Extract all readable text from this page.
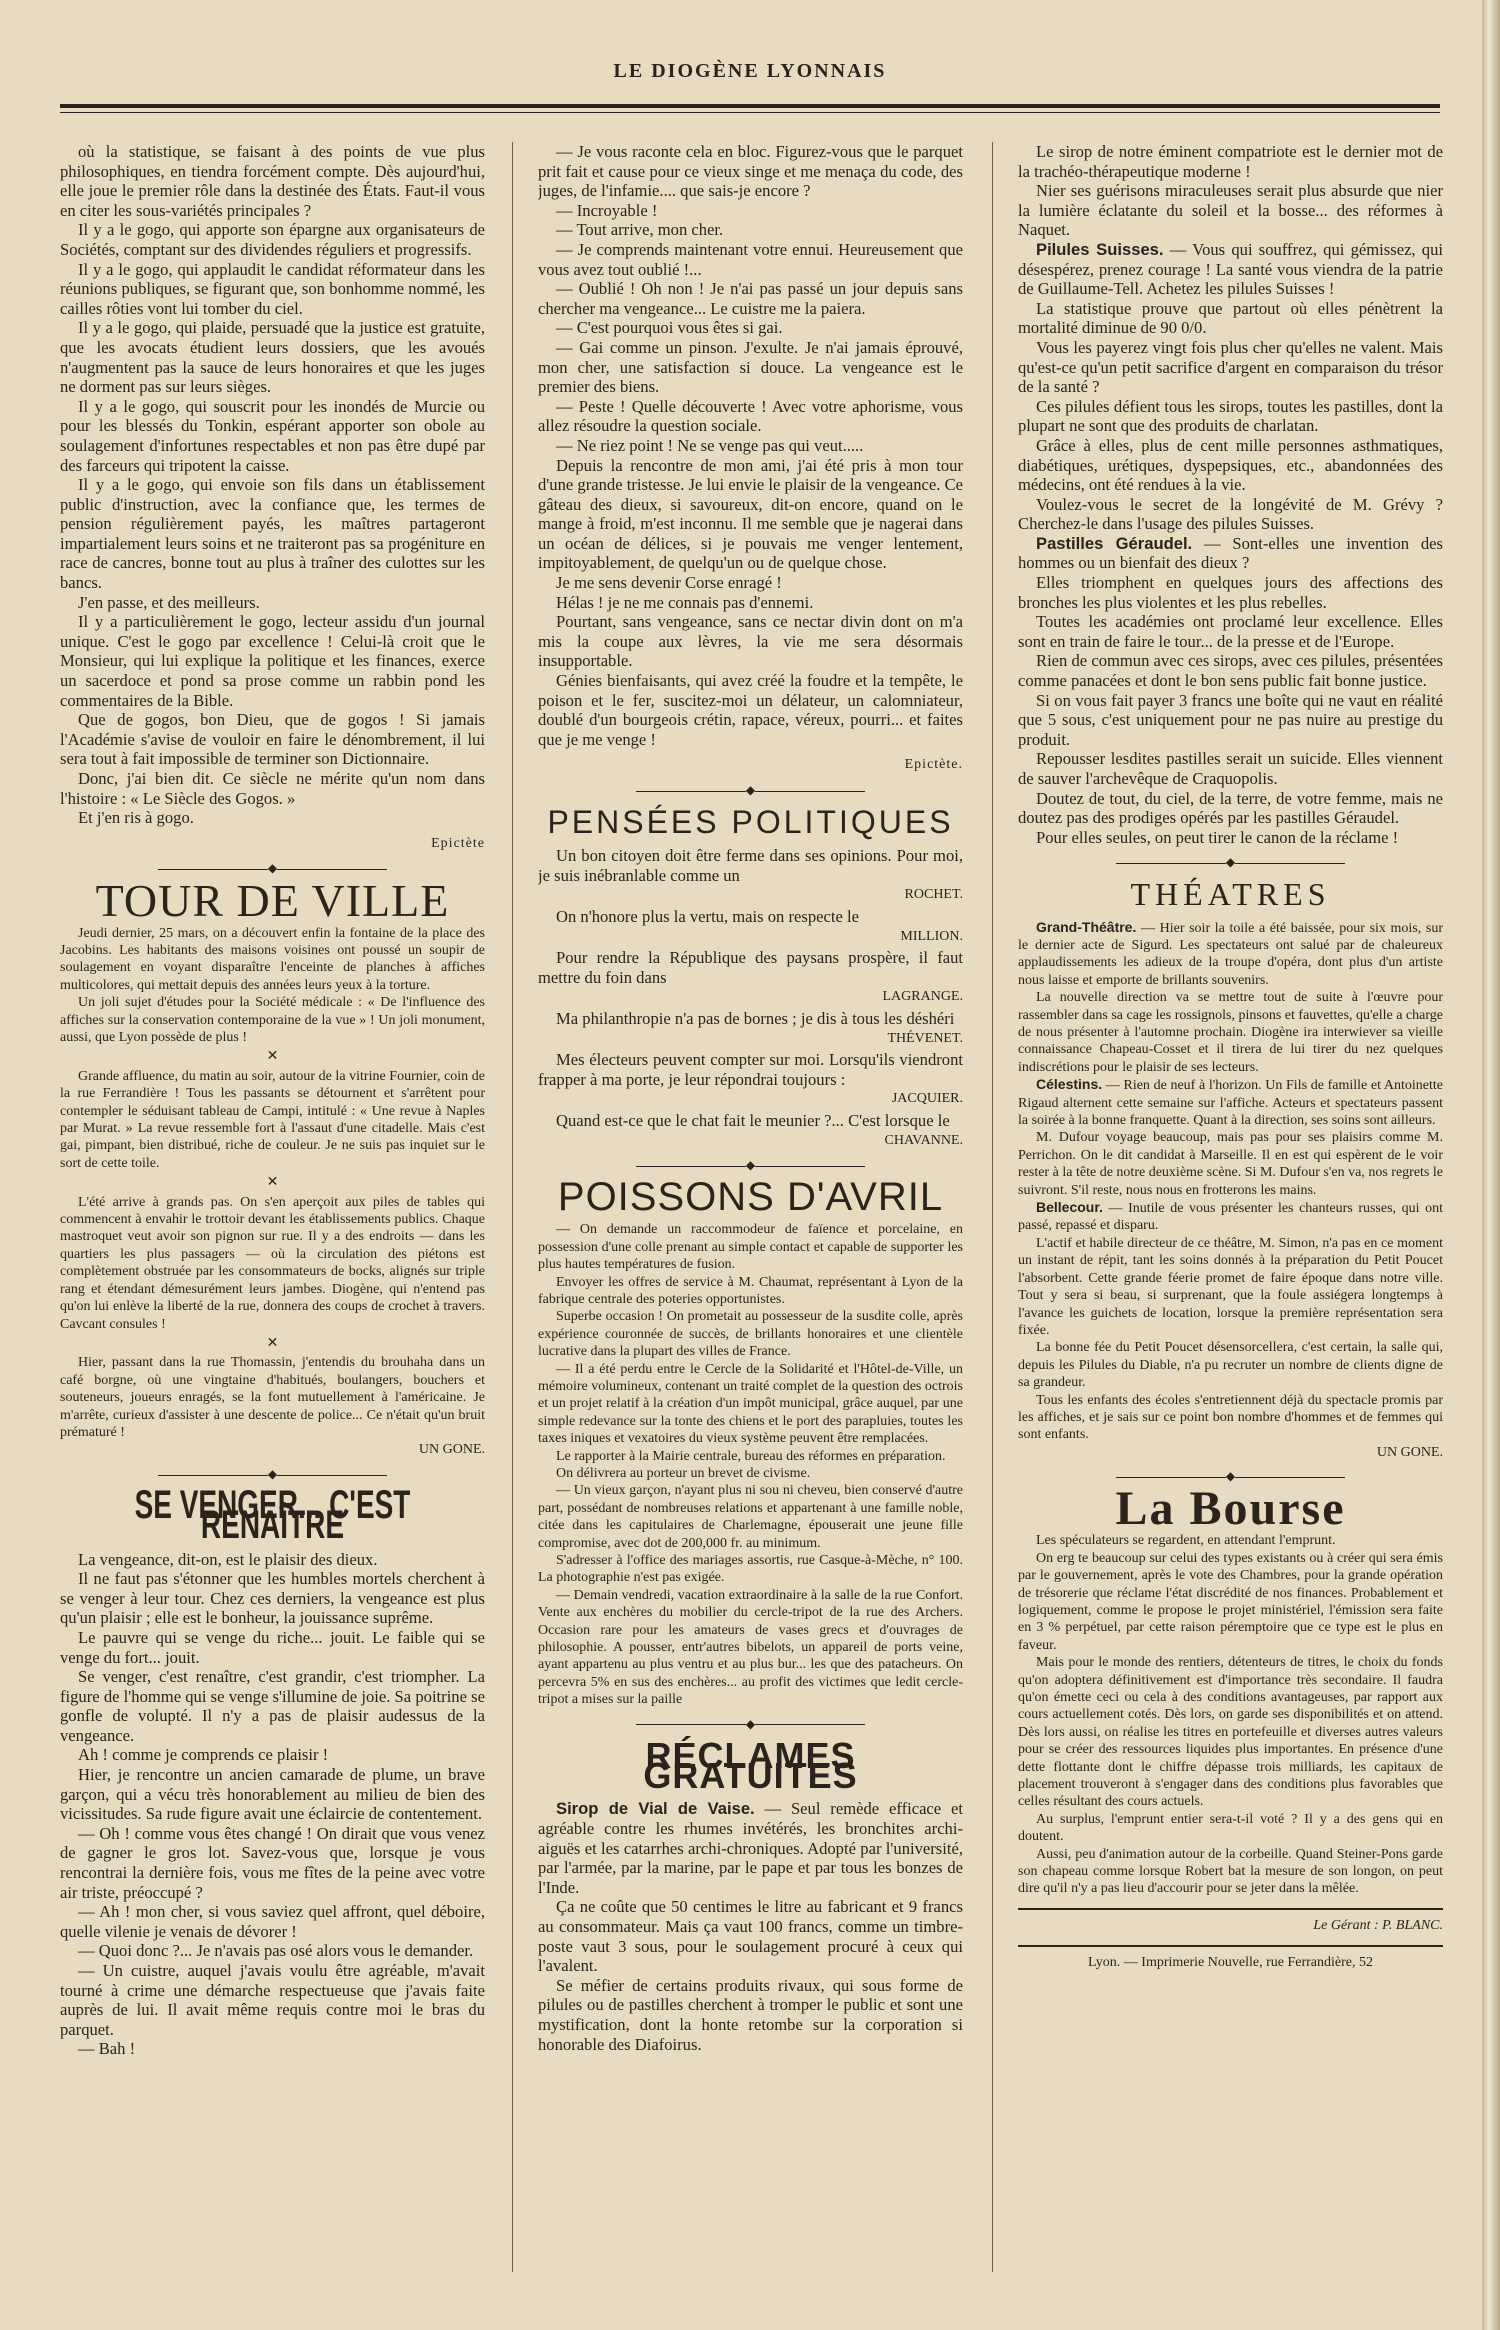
LE DIOGÈNE LYONNAIS

où la statistique, se faisant à des points de vue plus philosophiques, en tiendra forcément compte. Dès aujourd'hui, elle joue le premier rôle dans la destinée des États. Faut-il vous en citer les sous-variétés principales ?

Il y a le gogo, qui apporte son épargne aux organisateurs de Sociétés, comptant sur des dividendes réguliers et progressifs.

Il y a le gogo, qui applaudit le candidat réformateur dans les réunions publiques, se figurant que, son bonhomme nommé, les cailles rôties vont lui tomber du ciel.

Il y a le gogo, qui plaide, persuadé que la justice est gratuite, que les avocats étudient leurs dossiers, que les avoués n'augmentent pas la sauce de leurs honoraires et que les juges ne dorment pas sur leurs sièges.

Il y a le gogo, qui souscrit pour les inondés de Murcie ou pour les blessés du Tonkin, espérant apporter son obole au soulagement d'infortunes respectables et non pas être dupé par des farceurs qui tripotent la caisse.

Il y a le gogo, qui envoie son fils dans un établissement public d'instruction, avec la confiance que, les termes de pension régulièrement payés, les maîtres partageront impartialement leurs soins et ne traiteront pas sa progéniture en race de cancres, bonne tout au plus à traîner des culottes sur les bancs.

J'en passe, et des meilleurs.

Il y a particulièrement le gogo, lecteur assidu d'un journal unique. C'est le gogo par excellence ! Celui-là croit que le Monsieur, qui lui explique la politique et les finances, exerce un sacerdoce et pond sa prose comme un rabbin pond les commentaires de la Bible.

Que de gogos, bon Dieu, que de gogos ! Si jamais l'Académie s'avise de vouloir en faire le dénombrement, il lui sera tout à fait impossible de terminer son Dictionnaire.

Donc, j'ai bien dit. Ce siècle ne mérite qu'un nom dans l'histoire : « Le Siècle des Gogos. »

Et j'en ris à gogo.

Epictète

◆
TOUR DE VILLE

Jeudi dernier, 25 mars, on a découvert enfin la fontaine de la place des Jacobins. Les habitants des maisons voisines ont poussé un soupir de soulagement en voyant disparaître l'enceinte de planches à affiches multicolores, qui mettait depuis des années leurs yeux à la torture.

Un joli sujet d'études pour la Société médicale : « De l'influence des affiches sur la conservation contemporaine de la vue » ! Un joli monument, aussi, que Lyon possède de plus !

✕

Grande affluence, du matin au soir, autour de la vitrine Fournier, coin de la rue Ferrandière ! Tous les passants se détournent et s'arrêtent pour contempler le séduisant tableau de Campi, intitulé : « Une revue à Naples par Murat. » La revue ressemble fort à l'assaut d'une citadelle. Mais c'est gai, pimpant, bien distribué, riche de couleur. Je ne suis pas inquiet sur le sort de cette toile.

✕

L'été arrive à grands pas. On s'en aperçoit aux piles de tables qui commencent à envahir le trottoir devant les établissements publics. Chaque mastroquet veut avoir son pignon sur rue. Il y a des endroits — dans les quartiers les plus passagers — où la circulation des piétons est complètement obstruée par les consommateurs de bocks, alignés sur triple rang et étendant démesurément leurs jambes. Diogène, qui n'entend pas qu'on lui enlève la liberté de la rue, donnera des coups de crochet à travers. Cavcant consules !

✕

Hier, passant dans la rue Thomassin, j'entendis du brouhaha dans un café borgne, où une vingtaine d'habitués, boulangers, bouchers et souteneurs, joueurs enragés, se la font mutuellement à l'américaine. Je m'arrête, curieux d'assister à une descente de police... Ce n'était qu'un bruit prématuré !

UN GONE.

◆
SE VENGER... C'EST RENAÎTRE

La vengeance, dit-on, est le plaisir des dieux.

Il ne faut pas s'étonner que les humbles mortels cherchent à se venger à leur tour. Chez ces derniers, la vengeance est plus qu'un plaisir ; elle est le bonheur, la jouissance suprême.

Le pauvre qui se venge du riche... jouit. Le faible qui se venge du fort... jouit.

Se venger, c'est renaître, c'est grandir, c'est triompher. La figure de l'homme qui se venge s'illumine de joie. Sa poitrine se gonfle de volupté. Il n'y a pas de plaisir audessus de la vengeance.

Ah ! comme je comprends ce plaisir !

Hier, je rencontre un ancien camarade de plume, un brave garçon, qui a vécu très honorablement au milieu de bien des vicissitudes. Sa rude figure avait une éclaircie de contentement.

— Oh ! comme vous êtes changé ! On dirait que vous venez de gagner le gros lot. Savez-vous que, lorsque je vous rencontrai la dernière fois, vous me fîtes de la peine avec votre air triste, préoccupé ?

— Ah ! mon cher, si vous saviez quel affront, quel déboire, quelle vilenie je venais de dévorer !

— Quoi donc ?... Je n'avais pas osé alors vous le demander.

— Un cuistre, auquel j'avais voulu être agréable, m'avait tourné à crime une démarche respectueuse que j'avais faite auprès de lui. Il avait même requis contre moi le bras du parquet.

— Bah !

— Je vous raconte cela en bloc. Figurez-vous que le parquet prit fait et cause pour ce vieux singe et me menaça du code, des juges, de l'infamie.... que sais-je encore ?

— Incroyable !

— Tout arrive, mon cher.

— Je comprends maintenant votre ennui. Heureusement que vous avez tout oublié !...

— Oublié ! Oh non ! Je n'ai pas passé un jour depuis sans chercher ma vengeance... Le cuistre me la paiera.

— C'est pourquoi vous êtes si gai.

— Gai comme un pinson. J'exulte. Je n'ai jamais éprouvé, mon cher, une satisfaction si douce. La vengeance est le premier des biens.

— Peste ! Quelle découverte ! Avec votre aphorisme, vous allez résoudre la question sociale.

— Ne riez point ! Ne se venge pas qui veut.....

Depuis la rencontre de mon ami, j'ai été pris à mon tour d'une grande tristesse. Je lui envie le plaisir de la vengeance. Ce gâteau des dieux, si savoureux, dit-on encore, quand on le mange à froid, m'est inconnu. Il me semble que je nagerai dans un océan de délices, si je pouvais me venger lentement, impitoyablement, de quelqu'un ou de quelque chose.

Je me sens devenir Corse enragé !

Hélas ! je ne me connais pas d'ennemi.

Pourtant, sans vengeance, sans ce nectar divin dont on m'a mis la coupe aux lèvres, la vie me sera désormais insupportable.

Génies bienfaisants, qui avez créé la foudre et la tempête, le poison et le fer, suscitez-moi un délateur, un calomniateur, doublé d'un bourgeois crétin, rapace, véreux, pourri... et faites que je me venge !

Epictète.

◆
PENSÉES POLITIQUES

Un bon citoyen doit être ferme dans ses opinions. Pour moi, je suis inébranlable comme un

ROCHET.

On n'honore plus la vertu, mais on respecte le

MILLION.

Pour rendre la République des paysans prospère, il faut mettre du foin dans

LAGRANGE.

Ma philanthropie n'a pas de bornes ; je dis à tous les déshéri

THÉVENET.

Mes électeurs peuvent compter sur moi. Lorsqu'ils viendront frapper à ma porte, je leur répondrai toujours :

JACQUIER.

Quand est-ce que le chat fait le meunier ?... C'est lorsque le

CHAVANNE.

◆
POISSONS D'AVRIL

— On demande un raccommodeur de faïence et porcelaine, en possession d'une colle prenant au simple contact et capable de supporter les plus hautes températures de fusion.

Envoyer les offres de service à M. Chaumat, représentant à Lyon de la fabrique centrale des poteries opportunistes.

Superbe occasion ! On prometait au possesseur de la susdite colle, après expérience couronnée de succès, de brillants honoraires et une clientèle lucrative dans la plupart des villes de France.

— Il a été perdu entre le Cercle de la Solidarité et l'Hôtel-de-Ville, un mémoire volumineux, contenant un traité complet de la question des octrois et un projet relatif à la création d'un impôt municipal, grâce auquel, par une simple redevance sur la tonte des chiens et le port des parapluies, toutes les taxes iniques et vexatoires du vieux système peuvent être remplacées.

Le rapporter à la Mairie centrale, bureau des réformes en préparation.

On délivrera au porteur un brevet de civisme.

— Un vieux garçon, n'ayant plus ni sou ni cheveu, bien conservé d'autre part, possédant de nombreuses relations et appartenant à une famille noble, citée dans les capitulaires de Charlemagne, épouserait une jeune fille compromise, avec dot de 200,000 fr. au minimum.

S'adresser à l'office des mariages assortis, rue Casque-à-Mèche, n° 100. La photographie n'est pas exigée.

— Demain vendredi, vacation extraordinaire à la salle de la rue Confort. Vente aux enchères du mobilier du cercle-tripot de la rue des Archers. Occasion rare pour les amateurs de vases grecs et d'ouvrages de philosophie. A pousser, entr'autres bibelots, un appareil de ports veine, ayant appartenu au plus ventru et au plus bur... les que des patacheurs. On percevra 5% en sus des enchères... au profit des victimes que ledit cercle-tripot a mises sur la paille

◆
RÉCLAMES GRATUITES

Sirop de Vial de Vaise. — Seul remède efficace et agréable contre les rhumes invétérés, les bronchites archi-aiguës et les catarrhes archi-chroniques. Adopté par l'université, par l'armée, par la marine, par le pape et par tous les bonzes de l'Inde.

Ça ne coûte que 50 centimes le litre au fabricant et 9 francs au consommateur. Mais ça vaut 100 francs, comme un timbre-poste vaut 3 sous, pour le soulagement procuré à ceux qui l'avalent.

Se méfier de certains produits rivaux, qui sous forme de pilules ou de pastilles cherchent à tromper le public et sont une mystification, dont la honte retombe sur la corporation si honorable des Diafoirus.

Le sirop de notre éminent compatriote est le dernier mot de la trachéo-thérapeutique moderne !

Nier ses guérisons miraculeuses serait plus absurde que nier la lumière éclatante du soleil et la bosse... des réformes à Naquet.

Pilules Suisses. — Vous qui souffrez, qui gémissez, qui désespérez, prenez courage ! La santé vous viendra de la patrie de Guillaume-Tell. Achetez les pilules Suisses !

La statistique prouve que partout où elles pénètrent la mortalité diminue de 90 0/0.

Vous les payerez vingt fois plus cher qu'elles ne valent. Mais qu'est-ce qu'un petit sacrifice d'argent en comparaison du trésor de la santé ?

Ces pilules défient tous les sirops, toutes les pastilles, dont la plupart ne sont que des produits de charlatan.

Grâce à elles, plus de cent mille personnes asthmatiques, diabétiques, urétiques, dyspepsiques, etc., abandonnées des médecins, ont été rendues à la vie.

Voulez-vous le secret de la longévité de M. Grévy ? Cherchez-le dans l'usage des pilules Suisses.

Pastilles Géraudel. — Sont-elles une invention des hommes ou un bienfait des dieux ?

Elles triomphent en quelques jours des affections des bronches les plus violentes et les plus rebelles.

Toutes les académies ont proclamé leur excellence. Elles sont en train de faire le tour... de la presse et de l'Europe.

Rien de commun avec ces sirops, avec ces pilules, présentées comme panacées et dont le bon sens public fait bonne justice.

Si on vous fait payer 3 francs une boîte qui ne vaut en réalité que 5 sous, c'est uniquement pour ne pas nuire au prestige du produit.

Repousser lesdites pastilles serait un suicide. Elles viennent de sauver l'archevêque de Craquopolis.

Doutez de tout, du ciel, de la terre, de votre femme, mais ne doutez pas des prodiges opérés par les pastilles Géraudel.

Pour elles seules, on peut tirer le canon de la réclame !

◆
THÉATRES

Grand-Théâtre. — Hier soir la toile a été baissée, pour six mois, sur le dernier acte de Sigurd. Les spectateurs ont salué par de chaleureux applaudissements les adieux de la troupe d'opéra, dont plus d'un artiste nous laisse et emporte de brillants souvenirs.

La nouvelle direction va se mettre tout de suite à l'œuvre pour rassembler dans sa cage les rossignols, pinsons et fauvettes, qu'elle a charge de nous présenter à l'automne prochain. Diogène ira interwiever sa vieille connaissance Chapeau-Cosset et il tirera de lui tirer du nez quelques indiscrétions pour le plaisir de ses lecteurs.

Célestins. — Rien de neuf à l'horizon. Un Fils de famille et Antoinette Rigaud alternent cette semaine sur l'affiche. Acteurs et spectateurs passent la soirée à la bonne franquette. Quant à la direction, ses soins sont ailleurs.

M. Dufour voyage beaucoup, mais pas pour ses plaisirs comme M. Perrichon. On le dit candidat à Marseille. Il en est qui espèrent de le voir rester à la tête de notre deuxième scène. Si M. Dufour s'en va, nos regrets le suivront. S'il reste, nous nous en frotterons les mains.

Bellecour. — Inutile de vous présenter les chanteurs russes, qui ont passé, repassé et disparu.

L'actif et habile directeur de ce théâtre, M. Simon, n'a pas en ce moment un instant de répit, tant les soins donnés à la préparation du Petit Poucet l'absorbent. Cette grande féerie promet de faire époque dans notre ville. Tout y sera si beau, si surprenant, que la foule assiégera longtemps à l'avance les guichets de location, lorsque la première représentation sera fixée.

La bonne fée du Petit Poucet désensorcellera, c'est certain, la salle qui, depuis les Pilules du Diable, n'a pu recruter un nombre de clients digne de sa grandeur.

Tous les enfants des écoles s'entretiennent déjà du spectacle promis par les affiches, et je sais sur ce point bon nombre d'hommes et de femmes qui sont enfants.

UN GONE.

◆
La Bourse

Les spéculateurs se regardent, en attendant l'emprunt.

On erg te beaucoup sur celui des types existants ou à créer qui sera émis par le gouvernement, après le vote des Chambres, pour la grande opération de trésorerie que réclame l'état discrédité de nos finances. Probablement et logiquement, comme le propose le projet ministériel, l'émission sera faite en 3 % perpétuel, par cette raison péremptoire que ce type est le plus en faveur.

Mais pour le monde des rentiers, détenteurs de titres, le choix du fonds qu'on adoptera définitivement est d'importance très secondaire. Il faudra qu'on émette ceci ou cela à des conditions avantageuses, par rapport aux cours actuellement cotés. Dès lors, on garde ses disponibilités et on attend. Dès lors aussi, on réalise les titres en portefeuille et diverses autres valeurs pour se créer des ressources liquides plus importantes. En présence d'une dette flottante dont le chiffre dépasse trois milliards, les capitaux de placement trouveront à s'engager dans des conditions plus favorables que celles résultant des cours actuels.

Au surplus, l'emprunt entier sera-t-il voté ? Il y a des gens qui en doutent.

Aussi, peu d'animation autour de la corbeille. Quand Steiner-Pons garde son chapeau comme lorsque Robert bat la mesure de son longon, on peut dire qu'il n'y a pas lieu d'accourir pour se jeter dans la mêlée.

Le Gérant : P. BLANC.
Lyon. — Imprimerie Nouvelle, rue Ferrandière, 52
